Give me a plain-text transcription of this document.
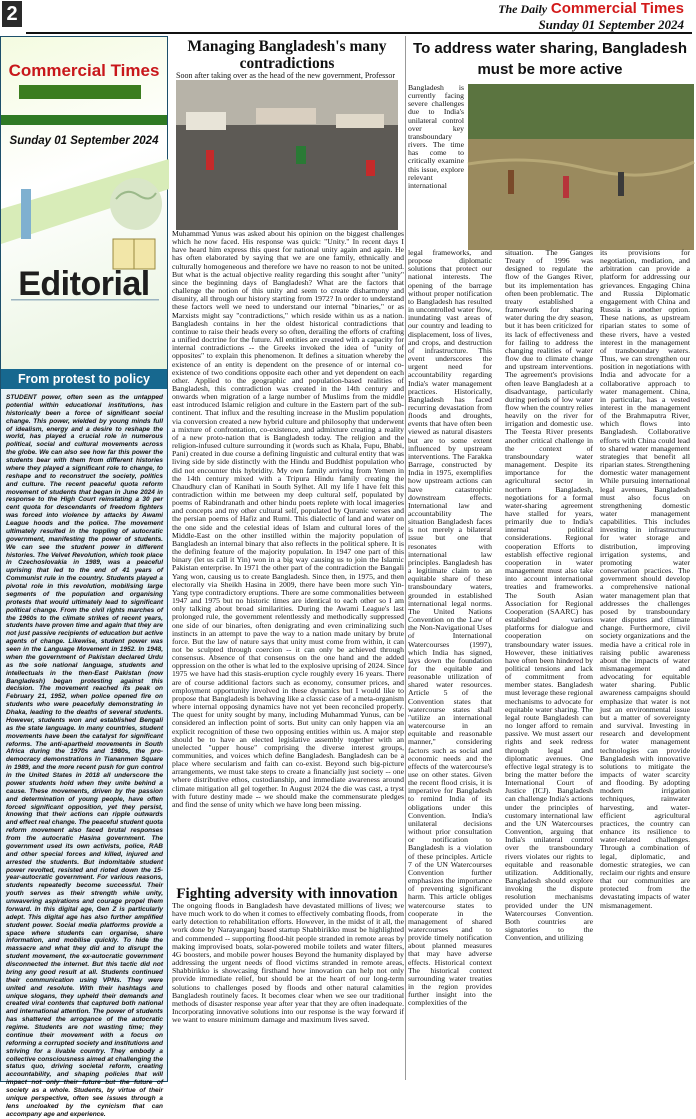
2	The Daily Commercial Times
Sunday 01 September 2024
Commercial Times
Sunday 01 September 2024
Editorial
From protest to policy

STUDENT power, often seen as the untapped potential within educational institutions, has historically been a force of significant social change. This power, wielded by young minds full of idealism, energy and a desire to reshape the world, has played a crucial role in numerous political, social and cultural movements across the globe. We can also see how far this power the students bear with them from different histories where they played a significant role to change, to reshape and to reconstruct the society, politics and culture. The recent peaceful quota reform movement of students that began in June 2024 in response to the High Court reinstating a 30 per cent quota for descendants of freedom fighters was forced into violence by attacks by Awami League hoods and the police. The movement ultimately resulted in the toppling of autocratic government, manifesting the power of students. We can see the student power in different histories. The Velvet Revolution, which took place in Czechoslovakia in 1989, was a peaceful uprising that led to the end of 41 years of Communist rule in the country. Students played a pivotal role in this revolution, mobilising large segments of the population and organising protests that would ultimately lead to significant political change. From the civil rights marches of the 1960s to the climate strikes of recent years, students have proven time and again that they are not just passive recipients of education but active agents of change. Likewise, student power was seen in the Language Movement in 1952. In 1948, when the government of Pakistan declared Urdu as the sole national language, students and intellectuals in the then-East Pakistan (now Bangladesh) began protesting against this decision. The movement reached its peak on February 21, 1952, when police opened fire on students who were peacefully demonstrating in Dhaka, leading to the deaths of several students. However, students won and established Bengali as the state language. In many countries, student movements have been the catalyst for significant reforms. The anti-apartheid movements in South Africa during the 1970s and 1980s, the pro-democracy demonstrations in Tiananmen Square in 1989, and the more recent push for gun control in the United States in 2018 all underscore the power students hold when they unite behind a cause. These movements, driven by the passion and determination of young people, have often forced significant opposition, yet they persist, knowing that their actions can ripple outwards and effect real change. The peaceful student quota reform movement also faced brutal responses from the autocratic Hasina government. The government used its own activists, police, RAB and other special forces and killed, injured and arrested the students. But indomitable student power revolted, resisted and rioted down the 15-year-autocratic government. For various reasons, students repeatedly become successful. Their youth serves as their strength while unity, unwavering aspirations and courage propel them forward. In this digital age, Gen Z is particularly adept. This digital age has also further amplified student power. Social media platforms provide a space where students can organise, share information, and mobilise quickly. To hide the massacre and what they did and to disrupt the student movement, the ex-autocratic government disconnected the internet. But this tactic did not bring any good result at all. Students continued their communication using VPNs. They were united and resolute. With their hashtags and unique slogans, they upheld their demands and created viral contents that captured both national and international attention. The power of students has shattered the arrogance of the autocratic regime. Students are not wasting time; they continue their movement with a focus on reforming a corrupted society and institutions and striving for a livable country. They embody a collective consciousness aimed at challenging the status quo, driving societal reform, creating accountability, and shaping policies that will impact not only their future but the future of society as a whole. Students, by virtue of their unique perspective, often see issues through a lens uncloaked by the cynicism that can accompany age and experience.

Managing Bangladesh's many contradictions
Soon after taking over as the head of the new government, Professor

Muhammad Yunus was asked about his opinion on the biggest challenges which he now faced. His response was quick: "Unity." In recent days I have heard him express this quest for national unity again and again. He has often elaborated by saying that we are one family, ethnically and culturally homogeneous and therefore we have no reason to not be united. But what is the actual objective reality regarding this sought after "unity" since the beginning days of Bangladesh? What are the factors that challenge the notion of this unity and seem to create disharmony and disunity, all through our history starting from 1972? In order to understand these factors well we need to understand our internal "binaries," or as Marxists might say "contradictions," which reside within us as a nation. Bangladesh contains in her the oldest historical contradictions that continue to raise their heads every so often, derailing the efforts of crafting a unified doctrine for the future. All entities are created with a capacity for internal contradictions -- the Greeks invoked the idea of "unity of opposites" to explain this phenomenon. It defines a situation whereby the existence of an entity is dependent on the presence of or internal co-existence of two conditions opposite each other and yet dependent on each other. Applied to the geographic and population-based realities of Bangladesh, this contradiction was created in the 14th century and onwards when migration of a large number of Muslims from the middle east introduced Islamic religion and culture in the Eastern part of the sub-continent. That influx and the resulting increase in the Muslim population via conversion created a new hybrid culture and philosophy that underwent a mixture of confrontation, co-existence, and admixture creating a reality of a new proto-nation that is Bangladesh today. The religion and the religion-infused culture surrounding it (words such as Khala, Fupu, Bhabi, Pani) created in due course a defining linguistic and cultural entity that was living side by side distinctly with the Hindu and Buddhist population who did not encounter this hybridity. My own family arriving from Yemen in the 14th century mixed with a Tripura Hindu family creating the Chaudhury clan of Kanihati in South Sylhet. All my life I have felt this contradiction within me between my deep cultural self, populated by poems of Rabindranath and other hindu poets replete with local imageries and concepts and my other cultural self, populated by Quranic verses and the persian poems of Hafiz and Rumi. This dialectic of land and water on the one side and the celestial ideas of Islam and cultural lores of the Middle-East on the other instilled within the majority population of Bangladesh an internal binary that also reflects in the political sphere. It is the defining feature of the majority population. In 1947 one part of this binary (let us call it Yin) won in a big way causing us to join the Islamic Pakistan enterprise. In 1971 the other part of the contradiction the Bangali Yang won, causing us to create Bangladesh. Since then, in 1975, and then electorally via Sheikh Hasina in 2009, there have been more such Yin-Yang type contradictory eruptions. There are some commonalities between 1947 and 1975 but no historic times are identical to each other so I am only talking about broad similarities. During the Awami League's last prolonged rule, the government relentlessly and methodically suppressed one side of our binaries, often denigrating and even criminalizing such instincts in an attempt to pave the way to a nation made unitary by brute force. But the law of nature says that unity must come from within, it can not be sculpted through coercion -- it can only be achieved through consensus. Absence of that consensus on the one hand and the added oppression on the other is what led to the explosive uprising of 2024. Since 1975 we have had this stasis-eruption cycle roughly every 16 years. There are of course additional factors such as economy, consumer prices, and employment opportunity involved in these dynamics but I would like to propose that Bangladesh is behaving like a classic case of a meta-organism where internal opposing dynamics have not yet been reconciled properly. The quest for unity sought by many, including Muhammad Yunus, can be considered an inflection point of sorts. But unity can only happen via an explicit recognition of these two opposing entities within us. A major step should be to have an elected legislative assembly together with an unelected "upper house" comprising the diverse interest groups, communities, and voices which define Bangladesh. Bangladesh can be a place where secularism and faith can co-exist. Beyond such big-picture arrangements, we must take steps to create a financially just society -- one where distributive ethos, custodianship, and immediate awareness around climate mitigation all gel together. In August 2024 the die was cast, a tryst with future destiny made -- we should make the commensurate pledges and find the sense of unity which we have long been missing.

Fighting adversity with innovation

The ongoing floods in Bangladesh have devastated millions of lives; we have much work to do when it comes to effectively combating floods, from early detection to rehabilitation efforts. However, in the midst of it all, the work done by Narayanganj based startup Shabbirikko must be highlighted and commended -- supporting flood-hit people stranded in remote areas by making improvised boats, solar-powered mobile toilets and water filters, 4G boosters, and mobile power houses Beyond the humanity displayed by addressing the urgent needs of flood victims stranded in remote areas, Shabbirikko is showcasing firsthand how innovation can help not only provide immediate relief, but should be at the heart of our long-term solutions to challenges posed by floods and other natural calamities Bangladesh routinely faces. It becomes clear when we see our traditional methods of disaster response year after year that they are often inadequate. Incorporating innovative solutions into our response is the way forward if we want to ensure minimum damage and maximum lives saved.

To address water sharing, Bangladesh
must be more active

Bangladesh is currently facing severe challenges due to India's unilateral control over key transboundary rivers. The time has come to critically examine this issue, explore relevant international

legal frameworks, and propose diplomatic solutions that protect our national interests. The opening of the barrage without proper notification to Bangladesh has resulted in uncontrolled water flow, inundating vast areas of our country and leading to displacement, loss of lives, and crops, and destruction of infrastructure. This event underscores the urgent need for accountability regarding India's water management practices. Historically, Bangladesh has faced recurring devastation from floods and droughts, events that have often been viewed as natural disasters but are to some extent influenced by upstream interventions. The Farakka Barrage, constructed by India in 1975, exemplifies how upstream actions can have catastrophic downstream effects. International law and accountability The situation Bangladesh faces is not merely a bilateral issue but one that resonates with international law principles. Bangladesh has a legitimate claim to an equitable share of these transboundary waters, grounded in established international legal norms. The United Nations Convention on the Law of the Non-Navigational Uses of International Watercourses (1997), which India has signed, lays down the foundation for the equitable and reasonable utilization of shared water resources. Article 5 of the Convention states that watercourse states shall "utilize an international watercourse in an equitable and reasonable manner," considering factors such as social and economic needs and the effects of the watercourse's use on other states. Given the recent flood crisis, it is imperative for Bangladesh to remind India of its obligations under this Convention. India's unilateral decisions without prior consultation or notification to Bangladesh is a violation of these principles. Article 7 of the UN Watercourses Convention further emphasizes the importance of preventing significant harm. This article obliges watercourse states to cooperate in the management of shared watercourses and to provide timely notification about planned measures that may have adverse effects. Historical context The historical context surrounding water treaties in the region provides further insight into the complexities of the

situation. The Ganges Treaty of 1996 was designed to regulate the flow of the Ganges River, but its implementation has often been problematic. The treaty established a framework for sharing water during the dry season, but it has been criticized for its lack of effectiveness and for failing to address the changing realities of water flow due to climate change and upstream interventions. The agreement's provisions often leave Bangladesh at a disadvantage, particularly during periods of low water flow when the country relies heavily on the river for irrigation and domestic use. The Teesta River presents another critical challenge in the context of transboundary water management. Despite its importance for the agricultural sector in northern Bangladesh, negotiations for a formal water-sharing agreement have stalled for years, primarily due to India's internal political considerations. Regional cooperation Efforts to establish effective regional cooperation in water management must also take into account international treaties and frameworks. The South Asian Association for Regional Cooperation (SAARC) has established various platforms for dialogue and cooperation on transboundary water issues. However, these initiatives have often been hindered by political tensions and lack of commitment from member states. Bangladesh must leverage these regional mechanisms to advocate for equitable water sharing. The legal route Bangladesh can no longer afford to remain passive. We must assert our rights and seek redress through legal and diplomatic avenues. One effective legal strategy is to bring the matter before the International Court of Justice (ICJ). Bangladesh can challenge India's actions under the principles of customary international law and the UN Watercourses Convention, arguing that India's unilateral control over the transboundary rivers violates our rights to equitable and reasonable utilization. Additionally, Bangladesh should explore invoking the dispute resolution mechanisms provided under the UN Watercourses Convention. Both countries are signatories to the Convention, and utilizing

its provisions for negotiation, mediation, and arbitration can provide a platform for addressing our grievances. Engaging China and Russia Diplomatic engagement with China and Russia is another option. These nations, as upstream riparian states to some of these rivers, have a vested interest in the management of transboundary waters. Thus, we can strengthen our position in negotiations with India and advocate for a collaborative approach to water management. China, in particular, has a vested interest in the management of the Brahmaputra River, which flows into Bangladesh. Collaborative efforts with China could lead to shared water management strategies that benefit all riparian states. Strengthening domestic water management While pursuing international legal avenues, Bangladesh must also focus on strengthening domestic water management capabilities. This includes investing in infrastructure for water storage and distribution, improving irrigation systems, and promoting water conservation practices. The government should develop a comprehensive national water management plan that addresses the challenges posed by transboundary water disputes and climate change. Furthermore, civil society organizations and the media have a critical role in raising public awareness about the impacts of water mismanagement and advocating for equitable water sharing. Public awareness campaigns should emphasize that water is not just an environmental issue but a matter of sovereignty and survival. Investing in research and development for water management technologies can provide Bangladesh with innovative solutions to mitigate the impacts of water scarcity and flooding. By adopting modern irrigation techniques, rainwater harvesting, and water-efficient agricultural practices, the country can enhance its resilience to water-related challenges. Through a combination of legal, diplomatic, and domestic strategies, we can reclaim our rights and ensure that our communities are protected from the devastating impacts of water mismanagement.
